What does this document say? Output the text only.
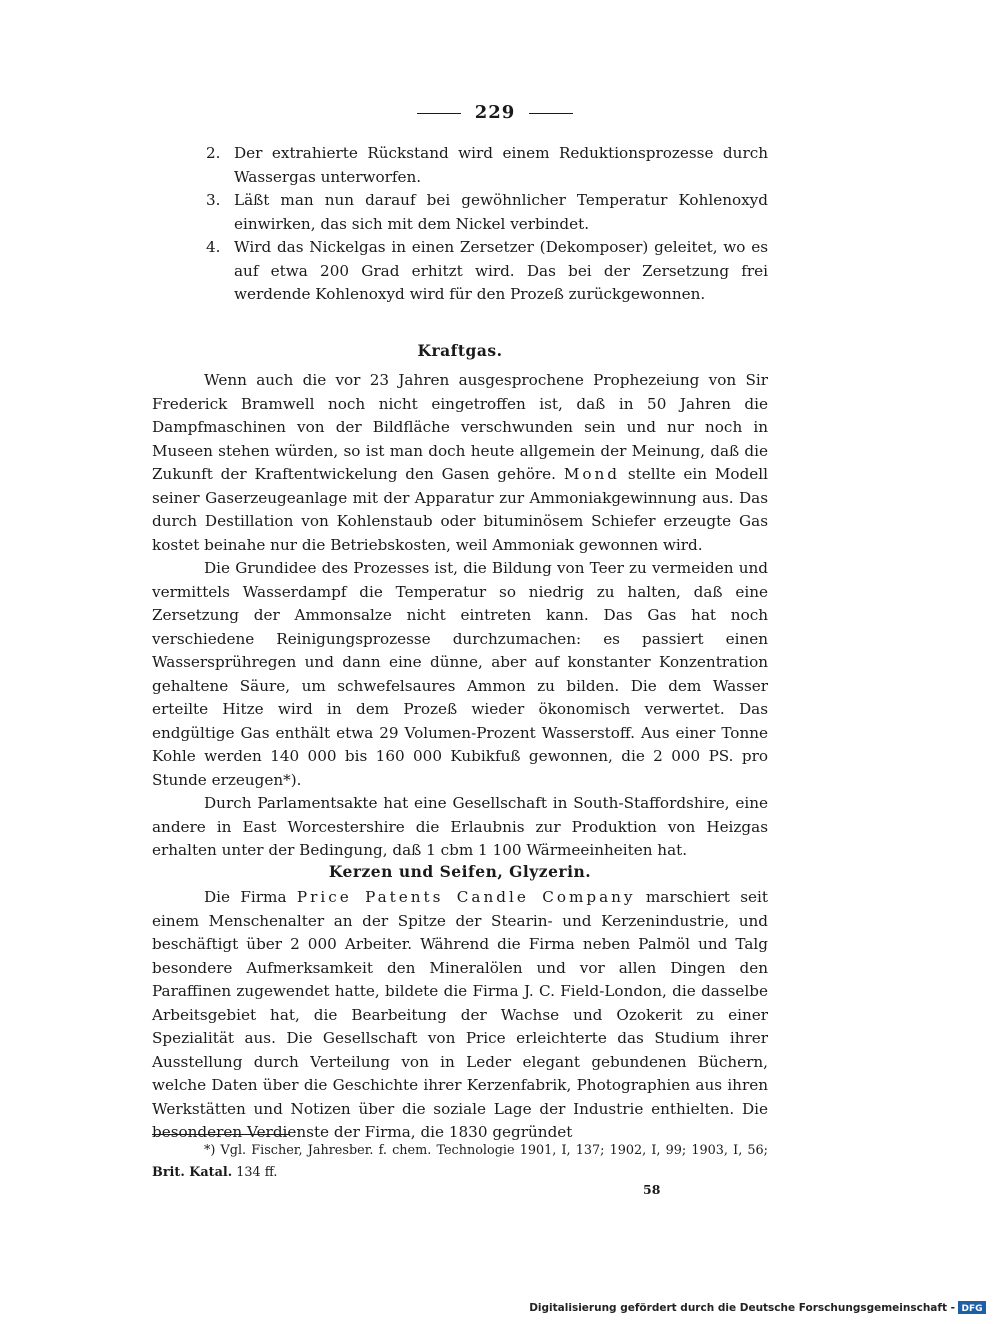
229

2. Der extrahierte Rückstand wird einem Reduktionsprozesse durch Wassergas unterworfen.

3. Läßt man nun darauf bei gewöhnlicher Temperatur Kohlenoxyd einwirken, das sich mit dem Nickel verbindet.

4. Wird das Nickelgas in einen Zersetzer (Dekomposer) geleitet, wo es auf etwa 200 Grad erhitzt wird. Das bei der Zersetzung frei werdende Kohlenoxyd wird für den Prozeß zurückgewonnen.

Kraftgas.

Wenn auch die vor 23 Jahren ausgesprochene Prophezeiung von Sir Frederick Bramwell noch nicht eingetroffen ist, daß in 50 Jahren die Dampfmaschinen von der Bildfläche verschwunden sein und nur noch in Museen stehen würden, so ist man doch heute allgemein der Meinung, daß die Zukunft der Kraftentwickelung den Gasen gehöre. Mond stellte ein Modell seiner Gaserzeugeanlage mit der Apparatur zur Ammoniakgewinnung aus. Das durch Destillation von Kohlenstaub oder bituminösem Schiefer erzeugte Gas kostet beinahe nur die Betriebskosten, weil Ammoniak gewonnen wird.

Die Grundidee des Prozesses ist, die Bildung von Teer zu vermeiden und vermittels Wasserdampf die Temperatur so niedrig zu halten, daß eine Zersetzung der Ammonsalze nicht eintreten kann. Das Gas hat noch verschiedene Reinigungsprozesse durchzumachen: es passiert einen Wassersprühregen und dann eine dünne, aber auf konstanter Konzentration gehaltene Säure, um schwefelsaures Ammon zu bilden. Die dem Wasser erteilte Hitze wird in dem Prozeß wieder ökonomisch verwertet. Das endgültige Gas enthält etwa 29 Volumen-Prozent Wasserstoff. Aus einer Tonne Kohle werden 140 000 bis 160 000 Kubikfuß gewonnen, die 2 000 PS. pro Stunde erzeugen*).

Durch Parlamentsakte hat eine Gesellschaft in South-Staffordshire, eine andere in East Worcestershire die Erlaubnis zur Produktion von Heizgas erhalten unter der Bedingung, daß 1 cbm 1 100 Wärmeeinheiten hat.

Kerzen und Seifen, Glyzerin.

Die Firma Price Patents Candle Company marschiert seit einem Menschenalter an der Spitze der Stearin- und Kerzenindustrie, und beschäftigt über 2 000 Arbeiter. Während die Firma neben Palmöl und Talg besondere Aufmerksamkeit den Mineralölen und vor allen Dingen den Paraffinen zugewendet hatte, bildete die Firma J. C. Field-London, die dasselbe Arbeitsgebiet hat, die Bearbeitung der Wachse und Ozokerit zu einer Spezialität aus. Die Gesellschaft von Price erleichterte das Studium ihrer Ausstellung durch Verteilung von in Leder elegant gebundenen Büchern, welche Daten über die Geschichte ihrer Kerzenfabrik, Photographien aus ihren Werkstätten und Notizen über die soziale Lage der Industrie enthielten. Die besonderen Verdienste der Firma, die 1830 gegründet

*) Vgl. Fischer, Jahresber. f. chem. Technologie 1901, I, 137; 1902, I, 99; 1903, I, 56; Brit. Katal. 134 ff.
58
Digitalisierung gefördert durch die Deutsche Forschungsgemeinschaft - DFG
